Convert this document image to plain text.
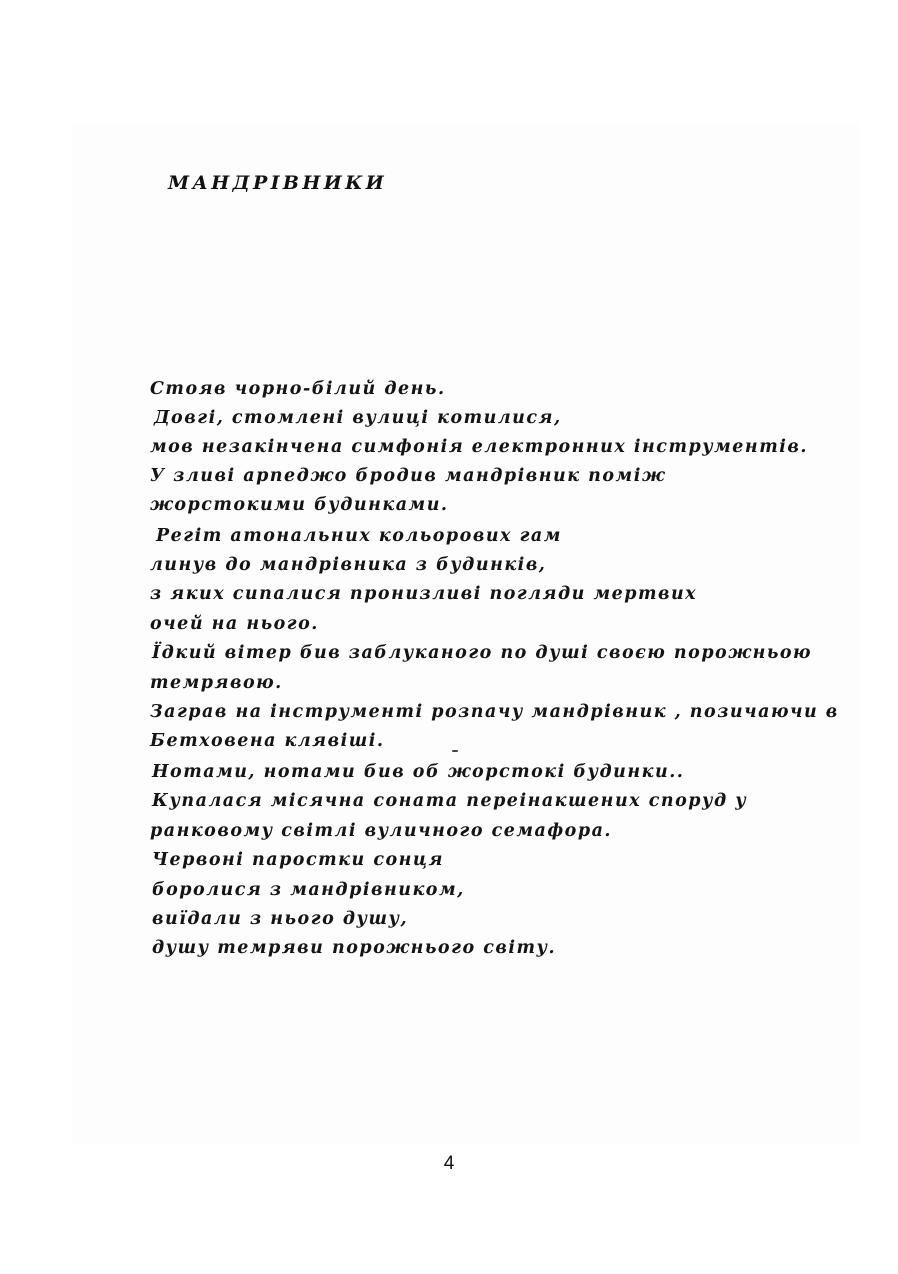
МАНДРІВНИКИ

Стояв чорно-білий день.

Довгі, стомлені вулиці котилися,

мов незакінчена симфонія електронних інструментів.

У зливі арпеджо бродив мандрівник поміж

жорстокими будинками.

Регіт атональних кольорових гам

линув до мандрівника з будинків,

з яких сипалися пронизливі погляди мертвих

очей на нього.

Їдкий вітер бив заблуканого по душі своєю порожньою

темрявою.

Заграв на інструменті розпачу мандрівник , позичаючи в

Бетховена клявіші.

Нотами, нотами бив об жорстокі будинки..

Купалася місячна соната переінакшених споруд у

ранковому світлі вуличного семафора.

Червоні паростки сонця

боролися з мандрівником,

виїдали з нього душу,

душу темряви порожнього світу.

4
